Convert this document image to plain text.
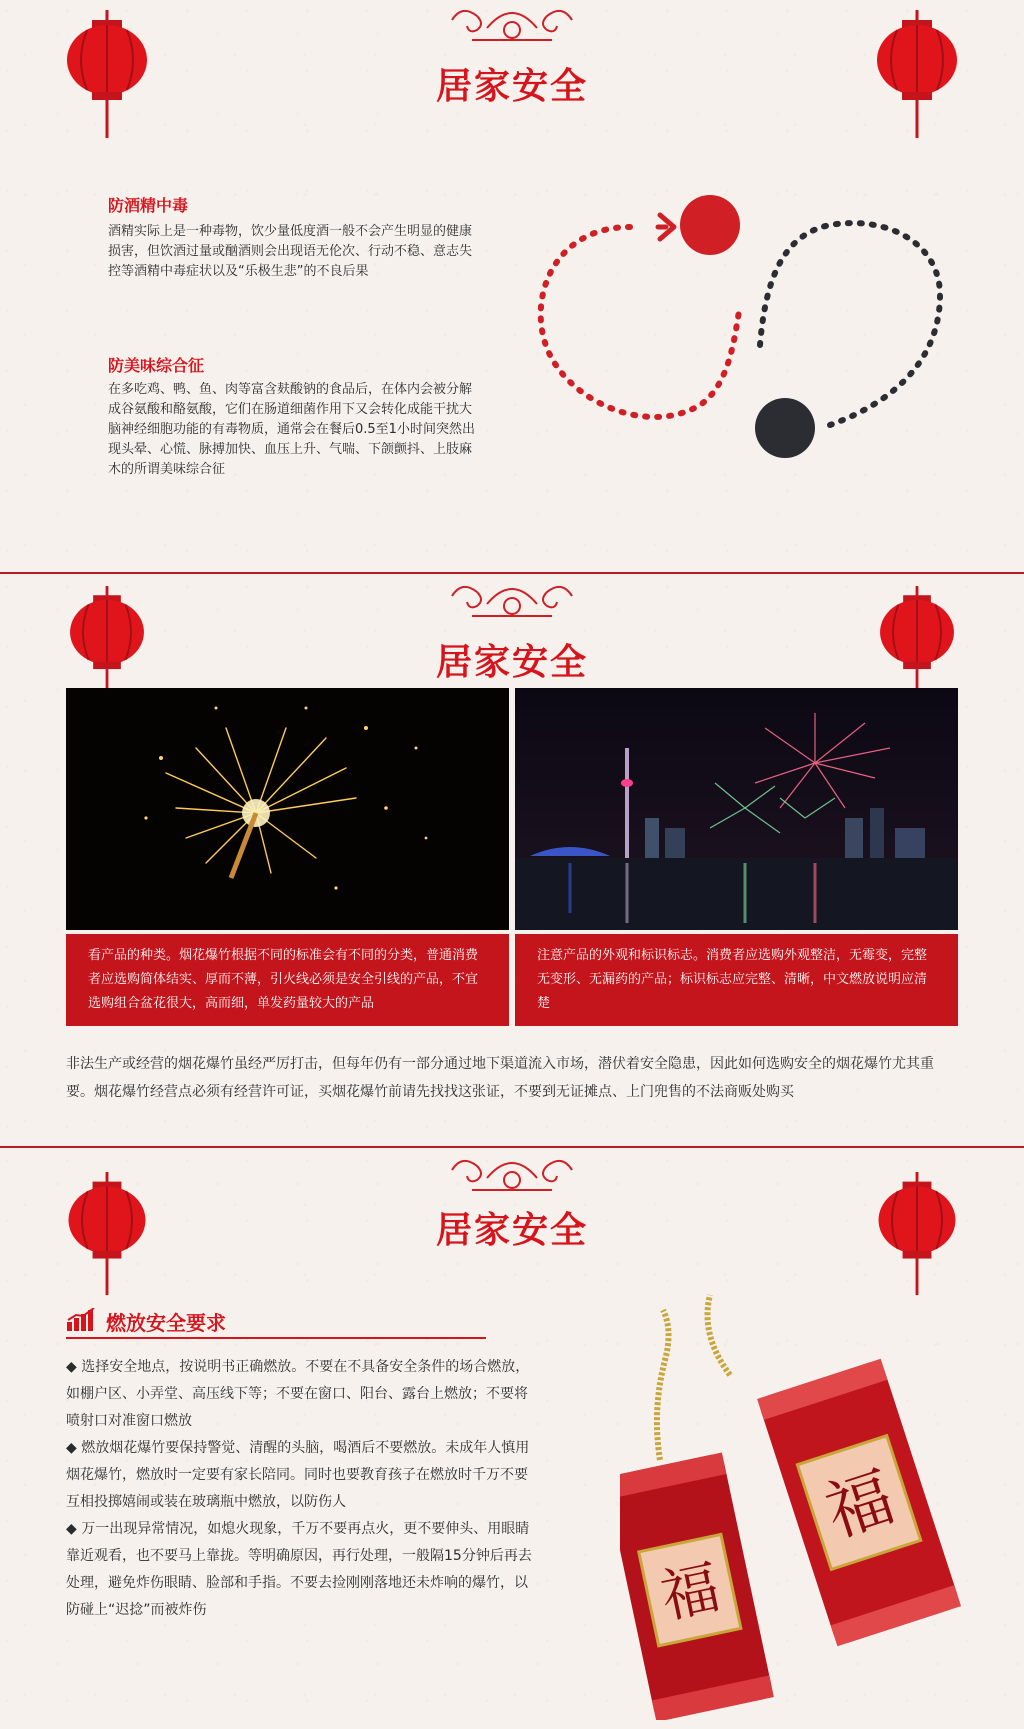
居家安全
防酒精中毒
酒精实际上是一种毒物，饮少量低度酒一般不会产生明显的健康损害，但饮酒过量或酗酒则会出现语无伦次、行动不稳、意志失控等酒精中毒症状以及“乐极生悲”的不良后果
防美味综合征
在多吃鸡、鸭、鱼、肉等富含麸酸钠的食品后，在体内会被分解成谷氨酸和酪氨酸，它们在肠道细菌作用下又会转化成能干扰大脑神经细胞功能的有毒物质，通常会在餐后0.5至1小时间突然出现头晕、心慌、脉搏加快、血压上升、气喘、下颌颤抖、上肢麻木的所谓美味综合征
居家安全
看产品的种类。烟花爆竹根据不同的标准会有不同的分类，普通消费者应选购简体结实、厚而不薄，引火线必须是安全引线的产品，不宜选购组合盆花很大，高而细，单发药量较大的产品
注意产品的外观和标识标志。消费者应选购外观整洁，无霉变，完整无变形、无漏药的产品；标识标志应完整、清晰，中文燃放说明应清楚
非法生产或经营的烟花爆竹虽经严厉打击，但每年仍有一部分通过地下渠道流入市场，潜伏着安全隐患，因此如何选购安全的烟花爆竹尤其重要。烟花爆竹经营点必须有经营许可证，买烟花爆竹前请先找找这张证，不要到无证摊点、上门兜售的不法商贩处购买
居家安全
燃放安全要求
◆ 选择安全地点，按说明书正确燃放。不要在不具备安全条件的场合燃放，如棚户区、小弄堂、高压线下等；不要在窗口、阳台、露台上燃放；不要将喷射口对准窗口燃放
◆ 燃放烟花爆竹要保持警觉、清醒的头脑，喝酒后不要燃放。未成年人慎用烟花爆竹，燃放时一定要有家长陪同。同时也要教育孩子在燃放时千万不要互相投掷嬉闹或装在玻璃瓶中燃放，以防伤人
◆ 万一出现异常情况，如熄火现象，千万不要再点火，更不要伸头、用眼睛靠近观看，也不要马上靠拢。等明确原因，再行处理，一般隔15分钟后再去处理，避免炸伤眼睛、脸部和手指。不要去捡刚刚落地还未炸响的爆竹，以防碰上“迟捻”而被炸伤	福
福
